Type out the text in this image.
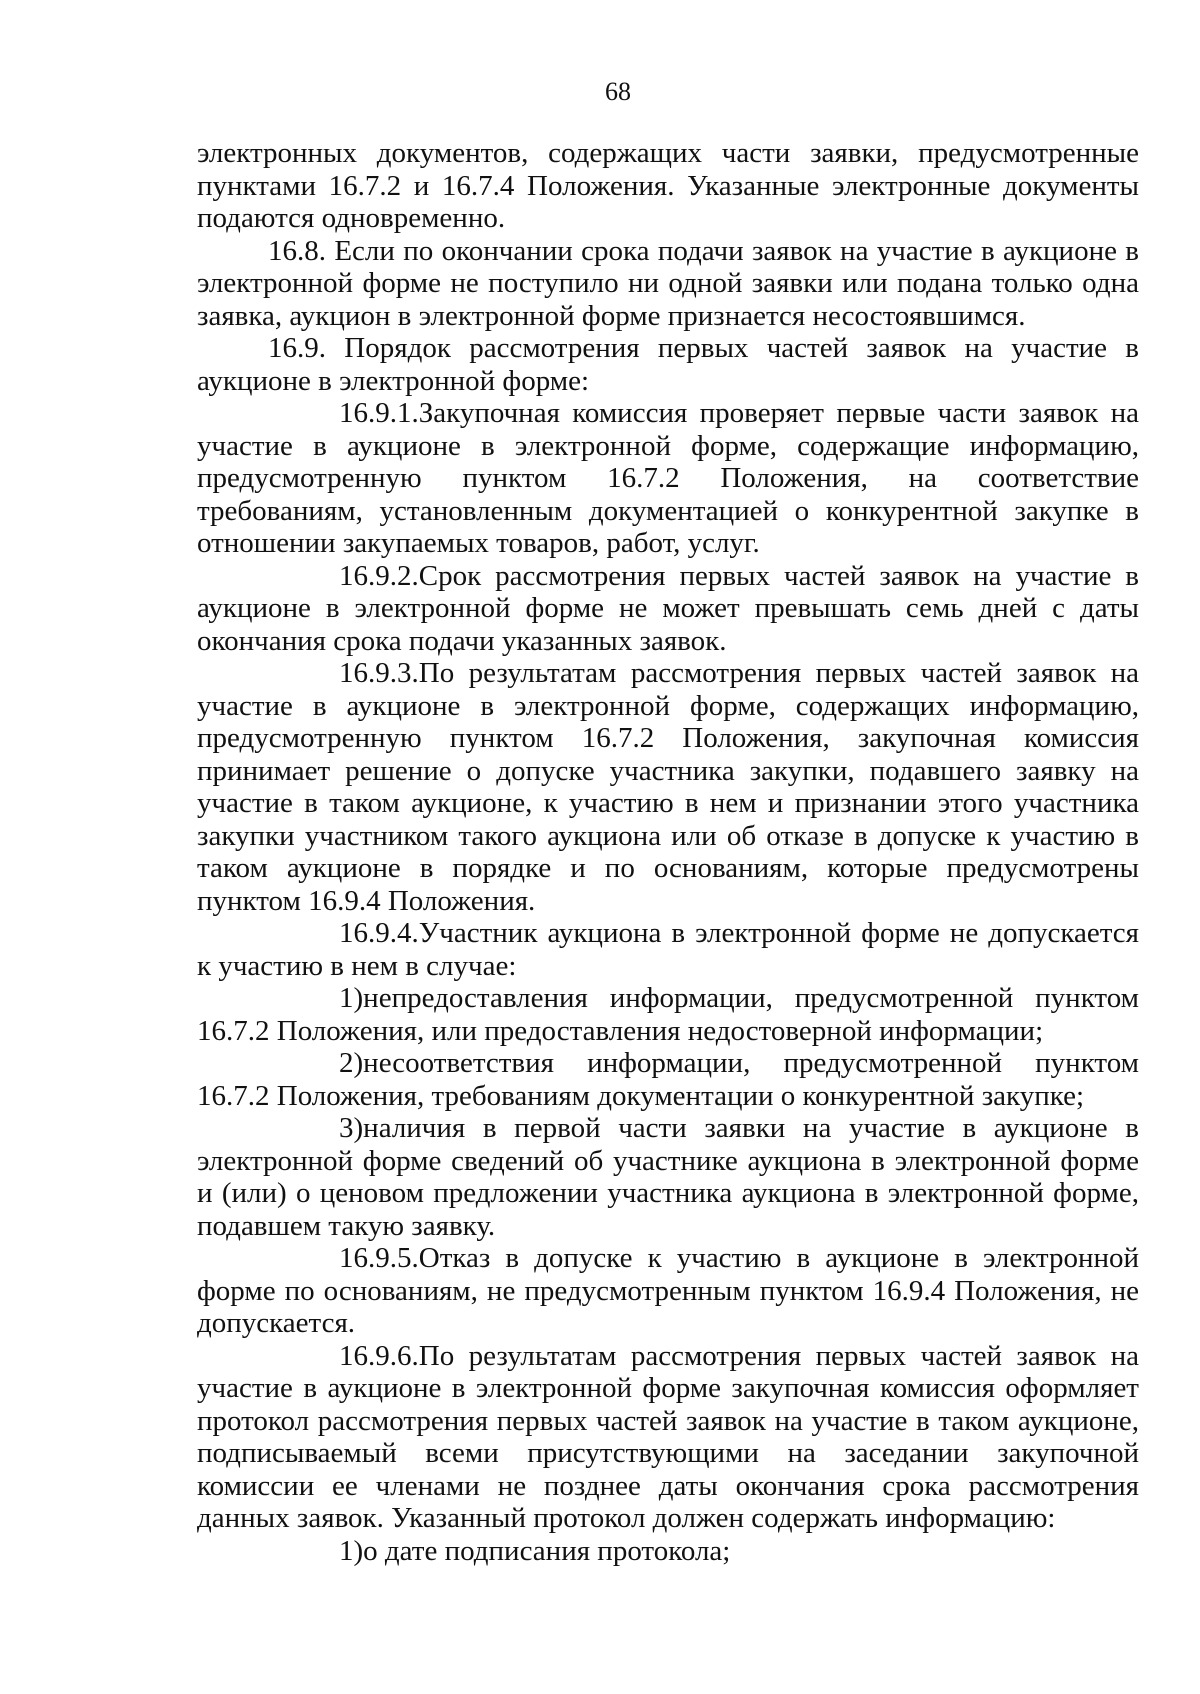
68

электронных документов, содержащих части заявки, предусмотренные пунктами 16.7.2 и 16.7.4 Положения. Указанные электронные документы подаются одновременно.

16.8. Если по окончании срока подачи заявок на участие в аукционе в электронной форме не поступило ни одной заявки или подана только одна заявка, аукцион в электронной форме признается несостоявшимся.

16.9. Порядок рассмотрения первых частей заявок на участие в аукционе в электронной форме:

16.9.1.Закупочная комиссия проверяет первые части заявок на участие в аукционе в электронной форме, содержащие информацию, предусмотренную пунктом 16.7.2 Положения, на соответствие требованиям, установленным документацией о конкурентной закупке в отношении закупаемых товаров, работ, услуг.

16.9.2.Срок рассмотрения первых частей заявок на участие в аукционе в электронной форме не может превышать семь дней с даты окончания срока подачи указанных заявок.

16.9.3.По результатам рассмотрения первых частей заявок на участие в аукционе в электронной форме, содержащих информацию, предусмотренную пунктом 16.7.2 Положения, закупочная комиссия принимает решение о допуске участника закупки, подавшего заявку на участие в таком аукционе, к участию в нем и признании этого участника закупки участником такого аукциона или об отказе в допуске к участию в таком аукционе в порядке и по основаниям, которые предусмотрены пунктом 16.9.4 Положения.

16.9.4.Участник аукциона в электронной форме не допускается к участию в нем в случае:

1)непредоставления информации, предусмотренной пунктом 16.7.2 Положения, или предоставления недостоверной информации;

2)несоответствия информации, предусмотренной пунктом 16.7.2 Положения, требованиям документации о конкурентной закупке;

3)наличия в первой части заявки на участие в аукционе в электронной форме сведений об участнике аукциона в электронной форме и (или) о ценовом предложении участника аукциона в электронной форме, подавшем такую заявку.

16.9.5.Отказ в допуске к участию в аукционе в электронной форме по основаниям, не предусмотренным пунктом 16.9.4 Положения, не допускается.

16.9.6.По результатам рассмотрения первых частей заявок на участие в аукционе в электронной форме закупочная комиссия оформляет протокол рассмотрения первых частей заявок на участие в таком аукционе, подписываемый всеми присутствующими на заседании закупочной комиссии ее членами не позднее даты окончания срока рассмотрения данных заявок. Указанный протокол должен содержать информацию:

1)о дате подписания протокола;
